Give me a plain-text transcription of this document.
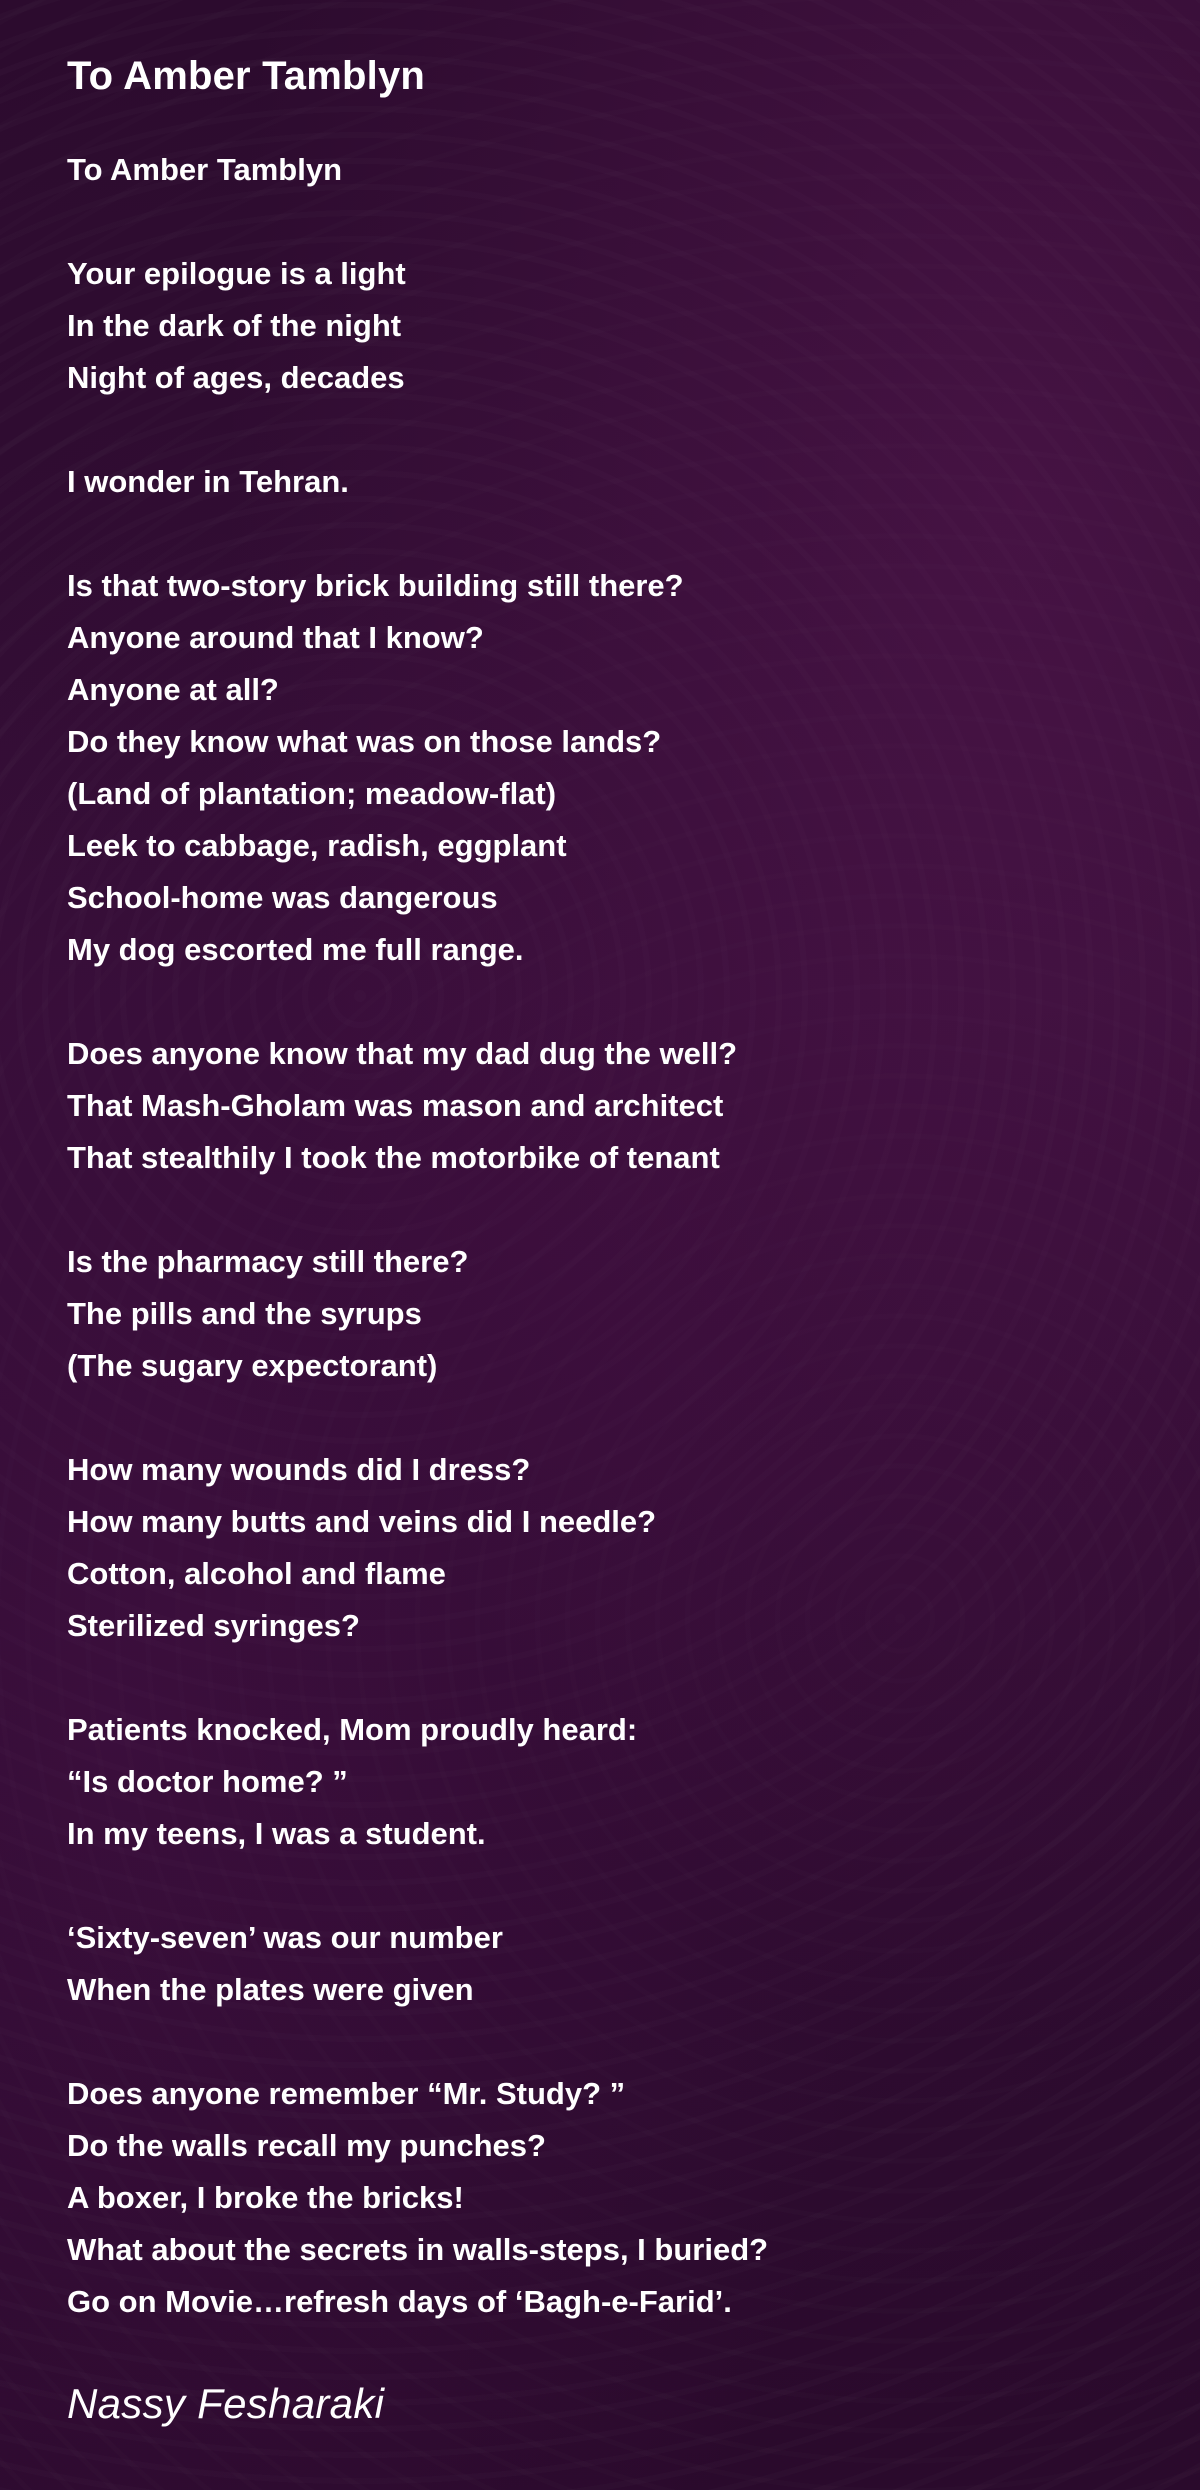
To Amber Tamblyn
To Amber Tamblyn
Your epilogue is a light
In the dark of the night
Night of ages, decades
I wonder in Tehran.
Is that two-story brick building still there?
Anyone around that I know?
Anyone at all?
Do they know what was on those lands?
(Land of plantation; meadow-flat)
Leek to cabbage, radish, eggplant
School-home was dangerous
My dog escorted me full range.
Does anyone know that my dad dug the well?
That Mash-Gholam was mason and architect
That stealthily I took the motorbike of tenant
Is the pharmacy still there?
The pills and the syrups
(The sugary expectorant)
How many wounds did I dress?
How many butts and veins did I needle?
Cotton, alcohol and flame
Sterilized syringes?
Patients knocked, Mom proudly heard:
“Is doctor home? ”
In my teens, I was a student.
‘Sixty-seven’ was our number
When the plates were given
Does anyone remember “Mr. Study? ”
Do the walls recall my punches?
A boxer, I broke the bricks!
What about the secrets in walls-steps, I buried?
Go on Movie…refresh days of ‘Bagh-e-Farid’.
Nassy Fesharaki
